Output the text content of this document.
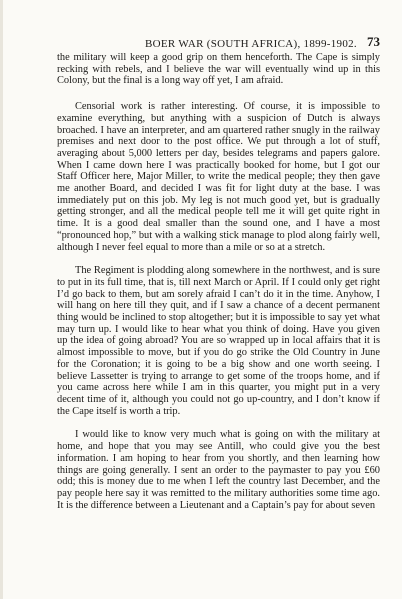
BOER WAR (SOUTH AFRICA), 1899-1902. 73

the military will keep a good grip on them henceforth. The Cape is simply recking with rebels, and I believe the war will eventually wind up in this Colony, but the final is a long way off yet, I am afraid.

Censorial work is rather interesting. Of course, it is impossible to examine everything, but anything with a suspicion of Dutch is always broached. I have an interpreter, and am quartered rather snugly in the railway premises and next door to the post office. We put through a lot of stuff, averaging about 5,000 letters per day, besides telegrams and papers galore. When I came down here I was practically booked for home, but I got our Staff Officer here, Major Miller, to write the medical people; they then gave me another Board, and decided I was fit for light duty at the base. I was immediately put on this job. My leg is not much good yet, but is gradually getting stronger, and all the medical people tell me it will get quite right in time. It is a good deal smaller than the sound one, and I have a most “pronounced hop,” but with a walking stick manage to plod along fairly well, although I never feel equal to more than a mile or so at a stretch.

The Regiment is plodding along somewhere in the northwest, and is sure to put in its full time, that is, till next March or April. If I could only get right I’d go back to them, but am sorely afraid I can’t do it in the time. Anyhow, I will hang on here till they quit, and if I saw a chance of a decent permanent thing would be inclined to stop altogether; but it is impossible to say yet what may turn up. I would like to hear what you think of doing. Have you given up the idea of going abroad? You are so wrapped up in local affairs that it is almost impossible to move, but if you do go strike the Old Country in June for the Coronation; it is going to be a big show and one worth seeing. I believe Lassetter is trying to arrange to get some of the troops home, and if you came across here while I am in this quarter, you might put in a very decent time of it, although you could not go up-country, and I don’t know if the Cape itself is worth a trip.

I would like to know very much what is going on with the military at home, and hope that you may see Antill, who could give you the best information. I am hoping to hear from you shortly, and then learning how things are going generally. I sent an order to the paymaster to pay you £60 odd; this is money due to me when I left the country last December, and the pay people here say it was remitted to the military authorities some time ago. It is the difference between a Lieutenant and a Captain’s pay for about seven
